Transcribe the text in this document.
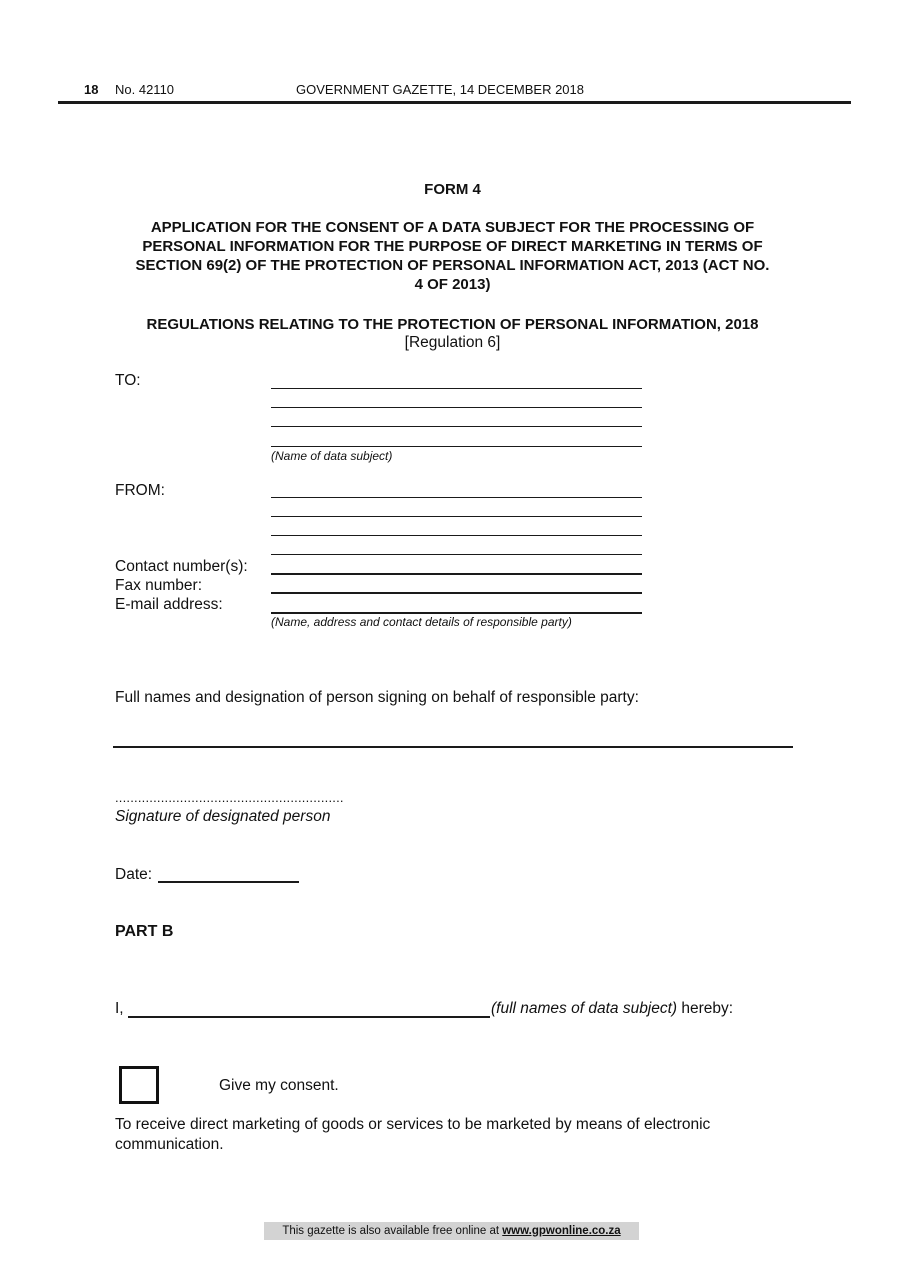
18 No. 42110	GOVERNMENT GAZETTE, 14 DECEMBER 2018
FORM 4
APPLICATION FOR THE CONSENT OF A DATA SUBJECT FOR THE PROCESSING OF
PERSONAL INFORMATION FOR THE PURPOSE OF DIRECT MARKETING IN TERMS OF
SECTION 69(2) OF THE PROTECTION OF PERSONAL INFORMATION ACT, 2013 (ACT NO.
4 OF 2013)
REGULATIONS RELATING TO THE PROTECTION OF PERSONAL INFORMATION, 2018
[Regulation 6]
TO:
(Name of data subject)
FROM:
Contact number(s):
Fax number:
E-mail address:
(Name, address and contact details of responsible party)
Full names and designation of person signing on behalf of responsible party:
............................................................
Signature of designated person
Date:
PART B
I,	(full names of data subject) hereby:
Give my consent.
To receive direct marketing of goods or services to be marketed by means of electronic
communication.
This gazette is also available free online at www.gpwonline.co.za
